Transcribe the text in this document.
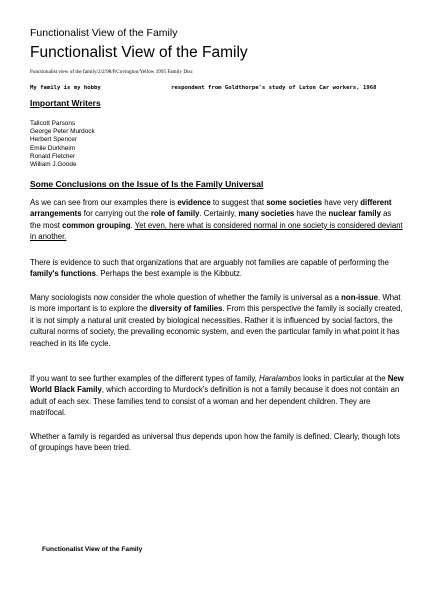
Functionalist View of the Family
Functionalist View of the Family
Functionalist view of the family/2/2/98/P.Covington/Yellow 1995 Family Disc
My family is my hobby	respondent from Goldthorpe's study of Luton Car workers, 1968
Important Writers
Tallcott Parsons
George Peter Murdock
Herbert Spencer
Emile Durkheim
Ronald Fletcher
William J.Goode
Some Conclusions on the Issue of Is the Family Universal

As we can see from our examples there is evidence to suggest that some societies have very different arrangements for carrying out the role of family. Certainly, many societies have the nuclear family as the most common grouping. Yet even, here what is considered normal in one society is considered deviant in another.

There is evidence to such that organizations that are arguably not families are capable of performing the family's functions. Perhaps the best example is the Kibbutz.

Many sociologists now consider the whole question of whether the family is universal as a non-issue. What is more important is to explore the diversity of families. From this perspective the family is socially created, it is not simply a natural unit created by biological necessities. Rather it is influenced by social factors, the cultural norms of society, the prevailing economic system, and even the particular family in what point it has reached in its life cycle.

If you want to see further examples of the different types of family, Haralambos looks in particular at the New World Black Family, which according to Murdock's definition is not a family because it does not contain an adult of each sex. These families tend to consist of a woman and her dependent children. They are matrifocal.

Whether a family is regarded as universal thus depends upon how the family is defined. Clearly, though lots of groupings have been tried.

Functionalist View of the Family
